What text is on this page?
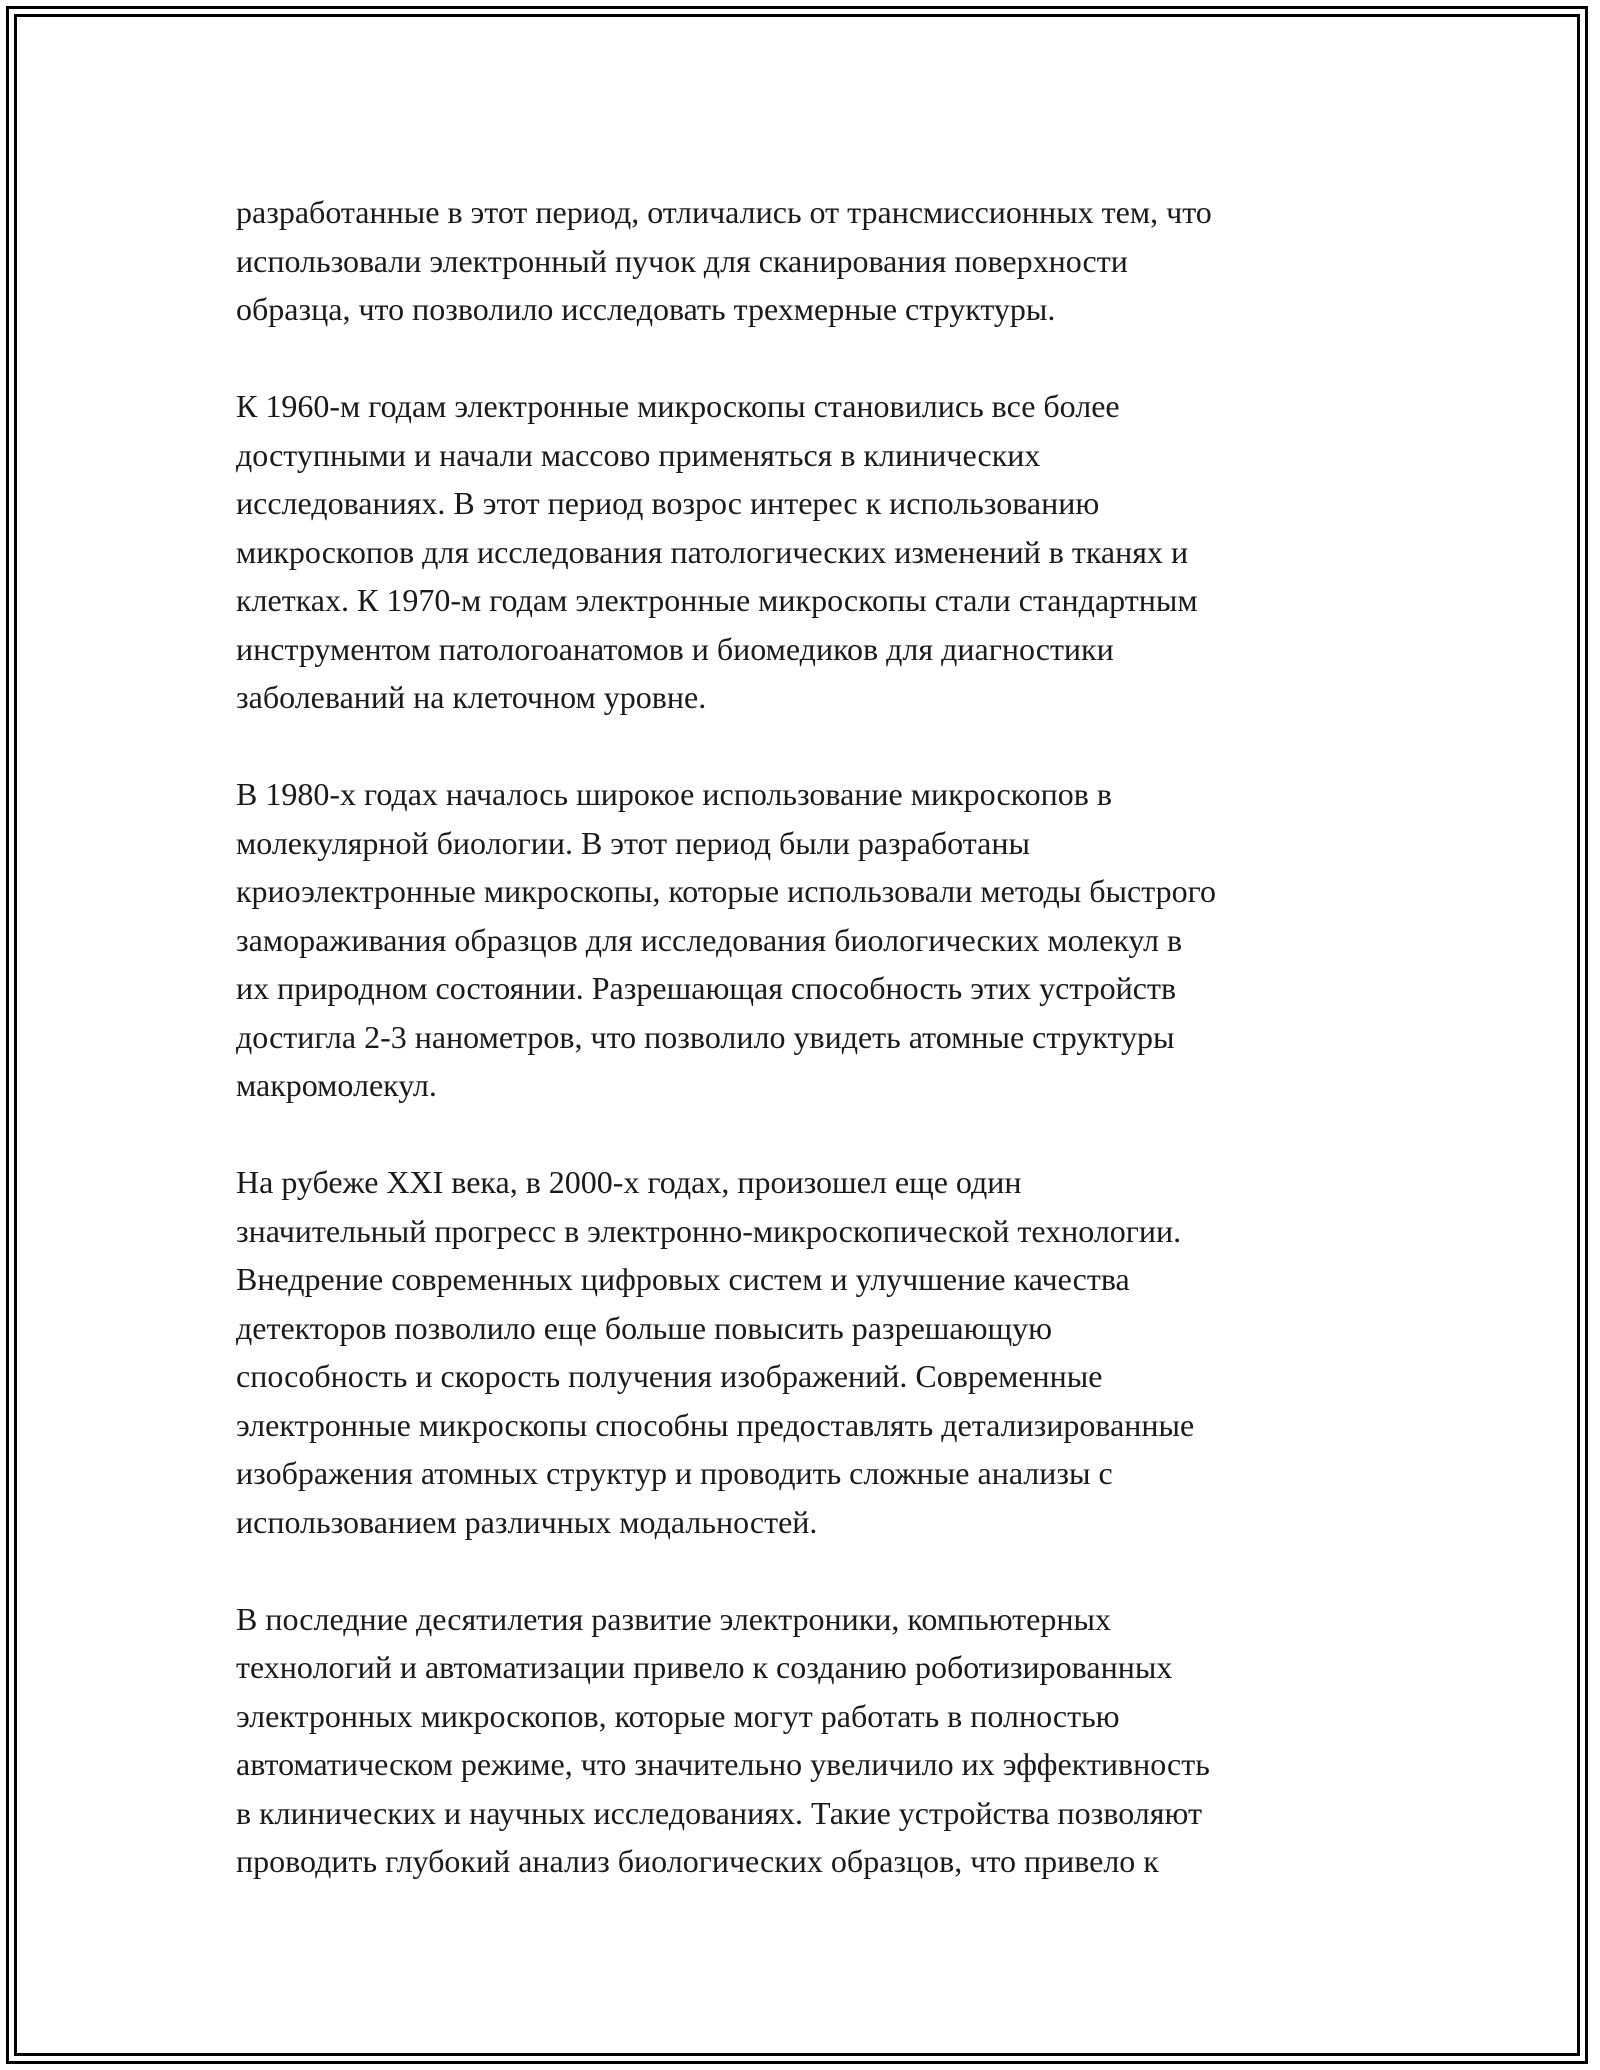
разработанные в этот период, отличались от трансмиссионных тем, что
использовали электронный пучок для сканирования поверхности
образца, что позволило исследовать трехмерные структуры.

К 1960-м годам электронные микроскопы становились все более
доступными и начали массово применяться в клинических
исследованиях. В этот период возрос интерес к использованию
микроскопов для исследования патологических изменений в тканях и
клетках. К 1970-м годам электронные микроскопы стали стандартным
инструментом патологоанатомов и биомедиков для диагностики
заболеваний на клеточном уровне.

В 1980-х годах началось широкое использование микроскопов в
молекулярной биологии. В этот период были разработаны
криоэлектронные микроскопы, которые использовали методы быстрого
замораживания образцов для исследования биологических молекул в
их природном состоянии. Разрешающая способность этих устройств
достигла 2-3 нанометров, что позволило увидеть атомные структуры
макромолекул.

На рубеже XXI века, в 2000-х годах, произошел еще один
значительный прогресс в электронно-микроскопической технологии.
Внедрение современных цифровых систем и улучшение качества
детекторов позволило еще больше повысить разрешающую
способность и скорость получения изображений. Современные
электронные микроскопы способны предоставлять детализированные
изображения атомных структур и проводить сложные анализы с
использованием различных модальностей.

В последние десятилетия развитие электроники, компьютерных
технологий и автоматизации привело к созданию роботизированных
электронных микроскопов, которые могут работать в полностью
автоматическом режиме, что значительно увеличило их эффективность
в клинических и научных исследованиях. Такие устройства позволяют
проводить глубокий анализ биологических образцов, что привело к
